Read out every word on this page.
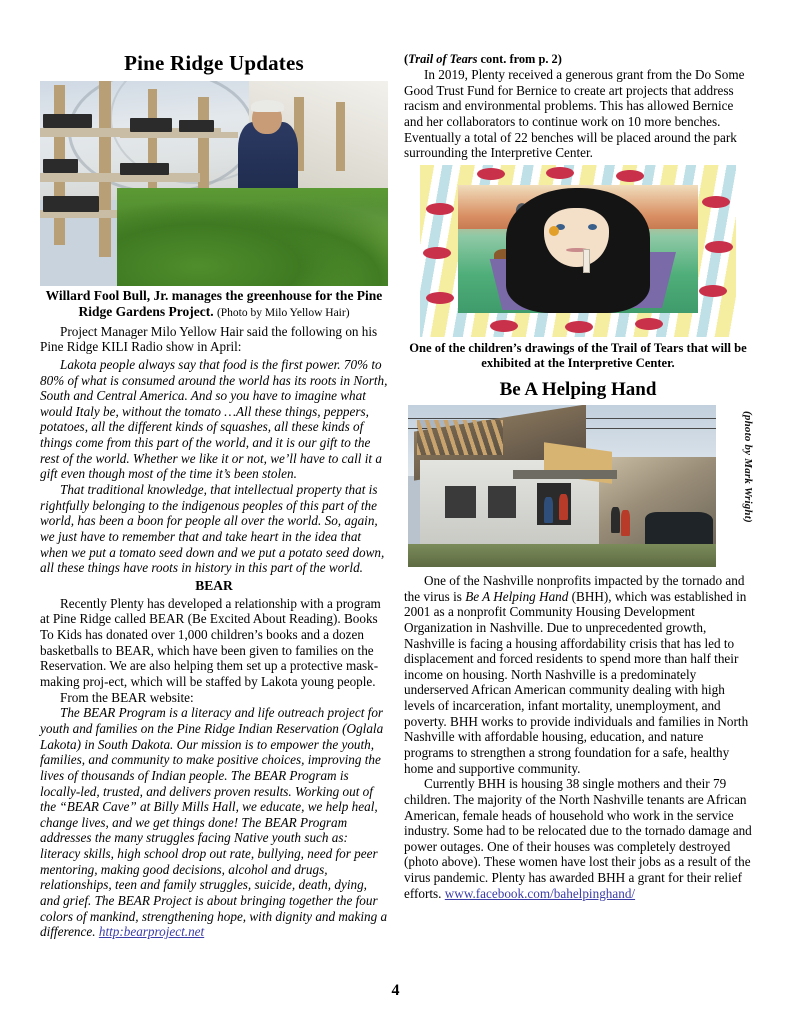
Pine Ridge Updates

Willard Fool Bull, Jr. manages the greenhouse for the Pine Ridge Gardens Project. (Photo by Milo Yellow Hair)

Project Manager Milo Yellow Hair said the following on his Pine Ridge KILI Radio show in April:

Lakota people always say that food is the first power. 70% to 80% of what is consumed around the world has its roots in North, South and Central America. And so you have to imagine what would Italy be, without the tomato …All these things, peppers, potatoes, all the different kinds of squashes, all these kinds of things come from this part of the world, and it is our gift to the rest of the world. Whether we like it or not, we’ll have to call it a gift even though most of the time it’s been stolen.

That traditional knowledge, that intellectual property that is rightfully belonging to the indigenous peoples of this part of the world, has been a boon for people all over the world. So, again, we just have to remember that and take heart in the idea that when we put a tomato seed down and we put a potato seed down, all these things have roots in history in this part of the world.

BEAR

Recently Plenty has developed a relationship with a program at Pine Ridge called BEAR (Be Excited About Reading). Books To Kids has donated over 1,000 children’s books and a dozen basketballs to BEAR, which have been given to families on the Reservation. We are also helping them set up a protective mask-making proj-ect, which will be staffed by Lakota young people.

From the BEAR website:

The BEAR Program is a literacy and life outreach project for youth and families on the Pine Ridge Indian Reservation (Oglala Lakota) in South Dakota. Our mission is to empower the youth, families, and community to make positive choices, improving the lives of thousands of Indian people. The BEAR Program is locally-led, trusted, and delivers proven results. Working out of the “BEAR Cave” at Billy Mills Hall, we educate, we help heal, change lives, and we get things done! The BEAR Program addresses the many struggles facing Native youth such as: literacy skills, high school drop out rate, bullying, need for peer mentoring, making good decisions, alcohol and drugs, relationships, teen and family struggles, suicide, death, dying, and grief. The BEAR Project is about bringing together the four colors of mankind, strengthening hope, with dignity and making a difference. http:bearproject.net

(Trail of Tears cont. from p. 2)

In 2019, Plenty received a generous grant from the Do Some Good Trust Fund for Bernice to create art projects that address racism and environmental problems. This has allowed Bernice and her collaborators to continue work on 10 more benches. Eventually a total of 22 benches will be placed around the park surrounding the Interpretive Center.

One of the children’s drawings of the Trail of Tears that will be exhibited at the Interpretive Center.

Be A Helping Hand
(photo by Mark Wright)

One of the Nashville nonprofits impacted by the tornado and the virus is Be A Helping Hand (BHH), which was established in 2001 as a nonprofit Community Housing Development Organization in Nashville. Due to unprecedented growth, Nashville is facing a housing affordability crisis that has led to displacement and forced residents to spend more than half their income on housing. North Nashville is a predominately underserved African American community dealing with high levels of incarceration, infant mortality, unemployment, and poverty. BHH works to provide individuals and families in North Nashville with affordable housing, education, and nature programs to strengthen a strong foundation for a safe, healthy home and supportive community.

Currently BHH is housing 38 single mothers and their 79 children. The majority of the North Nashville tenants are African American, female heads of household who work in the service industry. Some had to be relocated due to the tornado damage and power outages. One of their houses was completely destroyed (photo above). These women have lost their jobs as a result of the virus pandemic. Plenty has awarded BHH a grant for their relief efforts. www.facebook.com/bahelpinghand/

4
